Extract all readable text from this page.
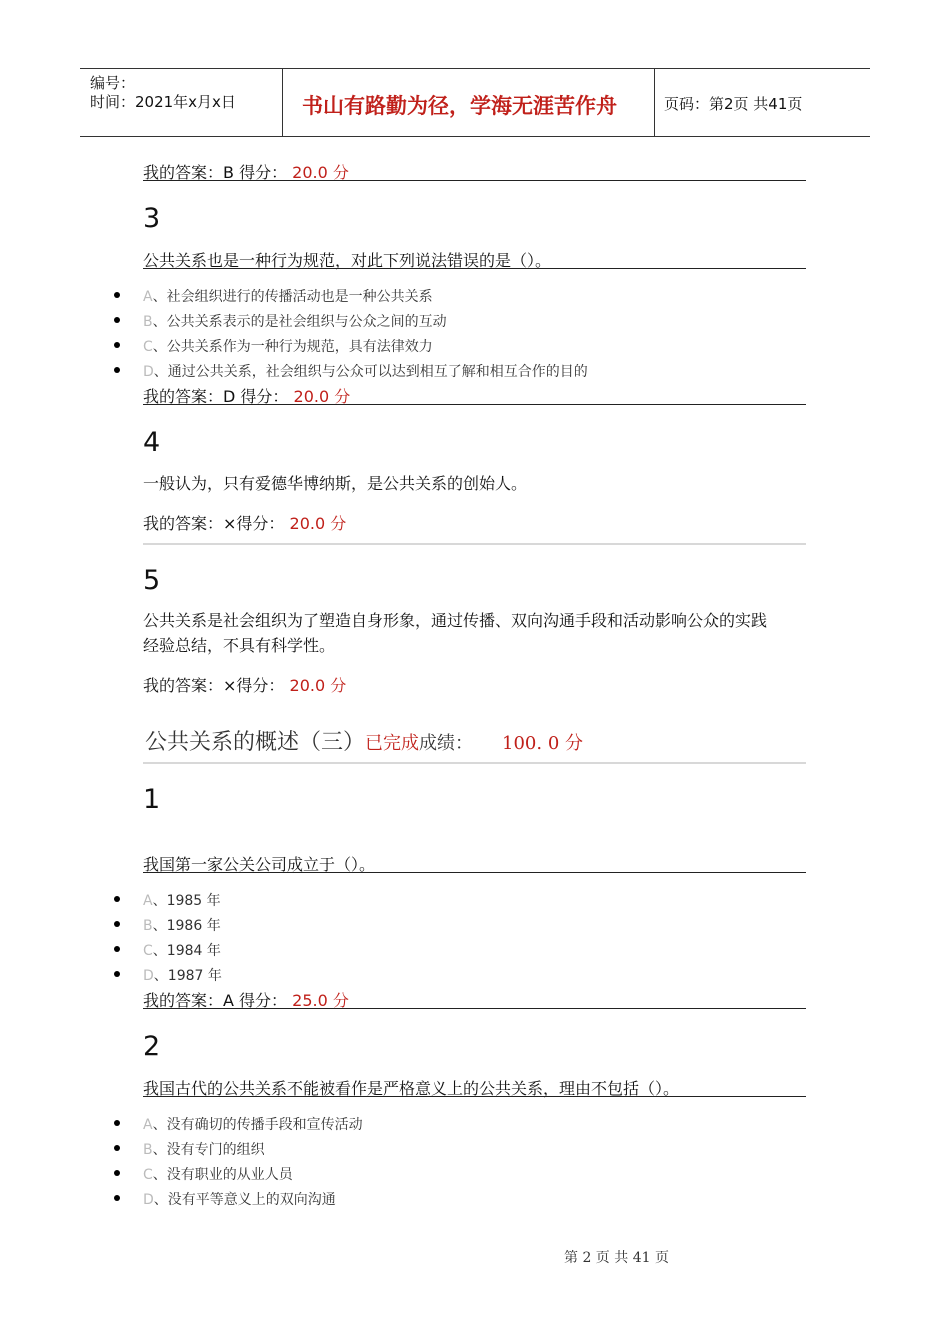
编号：
时间：2021年x月x日	书山有路勤为径，学海无涯苦作舟	页码：第2页 共41页
我的答案：B 得分： 20.0 分
3
公共关系也是一种行为规范，对此下列说法错误的是（）。
A、社会组织进行的传播活动也是一种公共关系
B、公共关系表示的是社会组织与公众之间的互动
C、公共关系作为一种行为规范，具有法律效力
D、通过公共关系，社会组织与公众可以达到相互了解和相互合作的目的
我的答案：D 得分： 20.0 分
4
一般认为，只有爱德华博纳斯，是公共关系的创始人。
我的答案：×得分： 20.0 分
5
公共关系是社会组织为了塑造自身形象，通过传播、双向沟通手段和活动影响公众的实践
经验总结，不具有科学性。
我的答案：×得分： 20.0 分
公共关系的概述（三）已完成成绩： 100. 0 分
1
我国第一家公关公司成立于（）。
A、1985 年
B、1986 年
C、1984 年
D、1987 年
我的答案：A 得分： 25.0 分
2
我国古代的公共关系不能被看作是严格意义上的公共关系，理由不包括（）。
A、没有确切的传播手段和宣传活动
B、没有专门的组织
C、没有职业的从业人员
D、没有平等意义上的双向沟通
第 2 页 共 41 页
